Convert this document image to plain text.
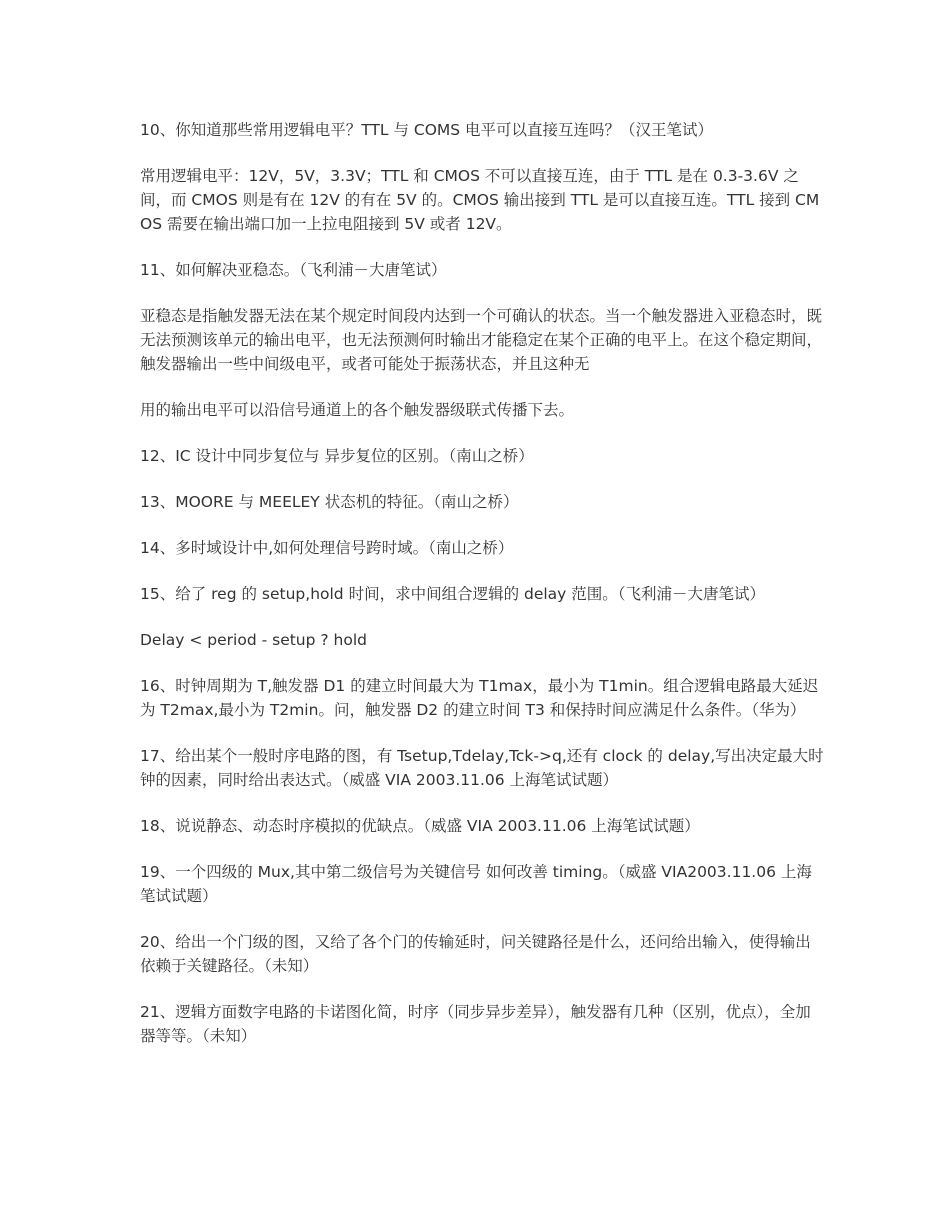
10、你知道那些常用逻辑电平？TTL 与 COMS 电平可以直接互连吗？（汉王笔试）

常用逻辑电平：12V，5V，3.3V；TTL 和 CMOS 不可以直接互连，由于 TTL 是在 0.3-3.6V 之间，而 CMOS 则是有在 12V 的有在 5V 的。CMOS 输出接到 TTL 是可以直接互连。TTL 接到 CMOS 需要在输出端口加一上拉电阻接到 5V 或者 12V。

11、如何解决亚稳态。（飞利浦－大唐笔试）

亚稳态是指触发器无法在某个规定时间段内达到一个可确认的状态。当一个触发器进入亚稳态时，既无法预测该单元的输出电平，也无法预测何时输出才能稳定在某个正确的电平上。在这个稳定期间，触发器输出一些中间级电平，或者可能处于振荡状态，并且这种无

用的输出电平可以沿信号通道上的各个触发器级联式传播下去。

12、IC 设计中同步复位与 异步复位的区别。（南山之桥）

13、MOORE 与 MEELEY 状态机的特征。（南山之桥）

14、多时域设计中,如何处理信号跨时域。（南山之桥）

15、给了 reg 的 setup,hold 时间，求中间组合逻辑的 delay 范围。（飞利浦－大唐笔试）

Delay < period - setup ? hold

16、时钟周期为 T,触发器 D1 的建立时间最大为 T1max，最小为 T1min。组合逻辑电路最大延迟为 T2max,最小为 T2min。问，触发器 D2 的建立时间 T3 和保持时间应满足什么条件。（华为）

17、给出某个一般时序电路的图，有 Tsetup,Tdelay,Tck->q,还有 clock 的 delay,写出决定最大时钟的因素，同时给出表达式。（威盛 VIA 2003.11.06 上海笔试试题）

18、说说静态、动态时序模拟的优缺点。（威盛 VIA 2003.11.06 上海笔试试题）

19、一个四级的 Mux,其中第二级信号为关键信号 如何改善 timing。（威盛 VIA2003.11.06 上海笔试试题）

20、给出一个门级的图，又给了各个门的传输延时，问关键路径是什么，还问给出输入，使得输出依赖于关键路径。（未知）

21、逻辑方面数字电路的卡诺图化简，时序（同步异步差异），触发器有几种（区别，优点），全加器等等。（未知）
